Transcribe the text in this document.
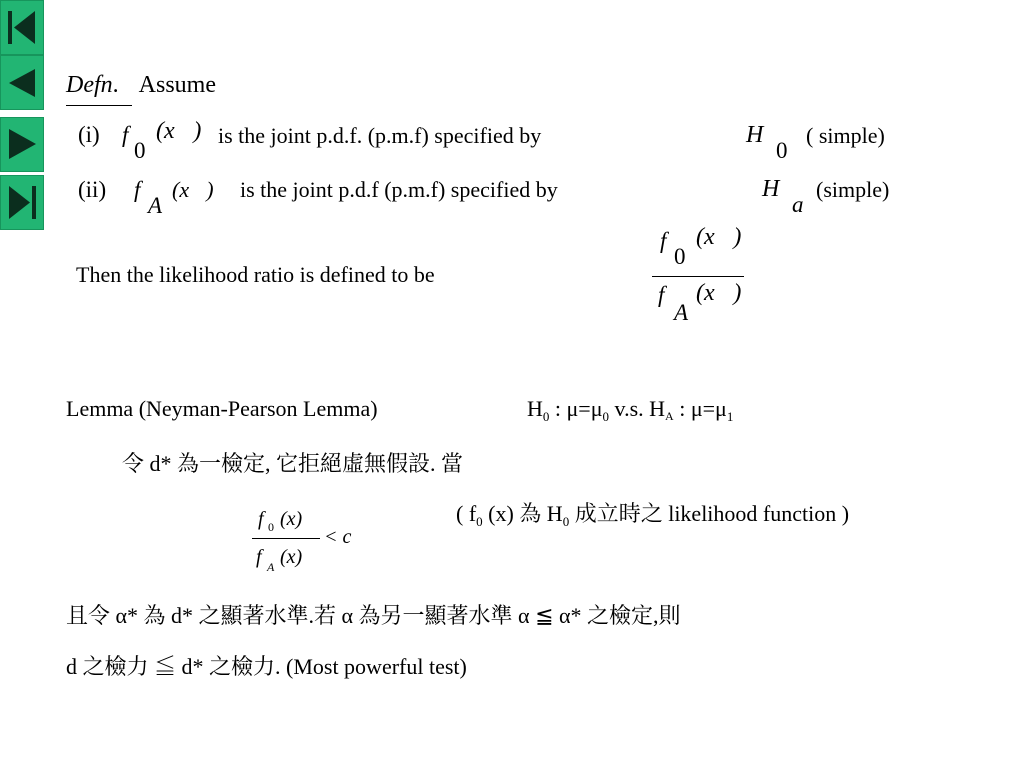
Defn. Assume
(i) f
0
(x⃗) is the joint p.d.f. (p.m.f) specified by	H
0
( simple)
(ii) f
A
(x⃗) is the joint p.d.f (p.m.f) specified by	H
a
(simple)
Then the likelihood ratio is defined to be
f
0
(x⃗)
f
A
(x⃗)
Lemma (Neyman-Pearson Lemma)	$H_0$ : $\mu=\mu_0$ v.s. HA : $\mu=\mu_1$
令 d* 為一檢定, 它拒絕虛無假設. 當
f 0 (x)
f A (x)
< c
( $f_0$ (x) 為 $H_0$ 成立時之 likelihood function )
且令 α* 為 d* 之顯著水準.若 α 為另一顯著水準 α ≦ α* 之檢定,則
d 之檢力 ≦ d* 之檢力. (Most powerful test)
